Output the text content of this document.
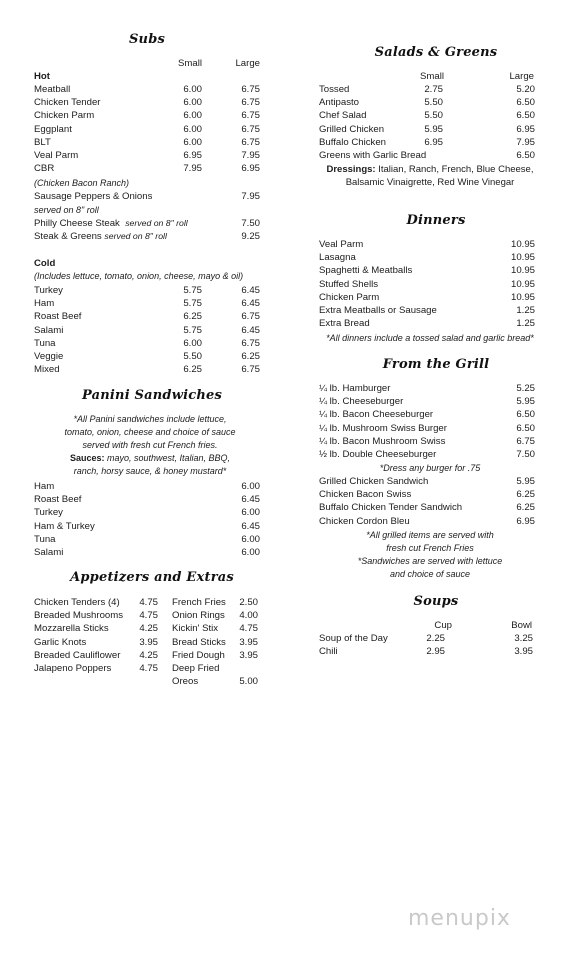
Subs
Small	Large
Hot
Meatball	6.00	6.75
Chicken Tender	6.00	6.75
Chicken Parm	6.00	6.75
Eggplant	6.00	6.75
BLT	6.00	6.75
Veal Parm	6.95	7.95
CBR	7.95	6.95
(Chicken Bacon Ranch)
Sausage Peppers & Onions	7.95
served on 8" roll
Philly Cheese Steak served on 8" roll	7.50
Steak & Greens served on 8" roll	9.25
Cold
(Includes lettuce, tomato, onion, cheese, mayo & oil)
Turkey	5.75	6.45
Ham	5.75	6.45
Roast Beef	6.25	6.75
Salami	5.75	6.45
Tuna	6.00	6.75
Veggie	5.50	6.25
Mixed	6.25	6.75
Panini Sandwiches
*All Panini sandwiches include lettuce,
tomato, onion, cheese and choice of sauce
served with fresh cut French fries.
Sauces: mayo, southwest, Italian, BBQ,
ranch, horsy sauce, & honey mustard*
Ham	6.00
Roast Beef	6.45
Turkey	6.00
Ham & Turkey	6.45
Tuna	6.00
Salami	6.00
Appetizers and Extras
Chicken Tenders (4)	4.75
Breaded Mushrooms	4.75
Mozzarella Sticks	4.25
Garlic Knots	3.95
Breaded Cauliflower	4.25
Jalapeno Poppers	4.75
French Fries	2.50
Onion Rings	4.00
Kickin' Stix	4.75
Bread Sticks	3.95
Fried Dough	3.95
Deep Fried
Oreos	5.00
Salads & Greens
Small	Large
Tossed	2.75	5.20
Antipasto	5.50	6.50
Chef Salad	5.50	6.50
Grilled Chicken	5.95	6.95
Buffalo Chicken	6.95	7.95
Greens with Garlic Bread	6.50
Dressings: Italian, Ranch, French, Blue Cheese,
Balsamic Vinaigrette, Red Wine Vinegar
Dinners
Veal Parm	10.95
Lasagna	10.95
Spaghetti & Meatballs	10.95
Stuffed Shells	10.95
Chicken Parm	10.95
Extra Meatballs or Sausage	1.25
Extra Bread	1.25
*All dinners include a tossed salad and garlic bread*
From the Grill
¼ lb. Hamburger	5.25
¼ lb. Cheeseburger	5.95
¼ lb. Bacon Cheeseburger	6.50
¼ lb. Mushroom Swiss Burger	6.50
¼ lb. Bacon Mushroom Swiss	6.75
½ lb. Double Cheeseburger	7.50
*Dress any burger for .75
Grilled Chicken Sandwich	5.95
Chicken Bacon Swiss	6.25
Buffalo Chicken Tender Sandwich	6.25
Chicken Cordon Bleu	6.95
*All grilled items are served with
fresh cut French Fries
*Sandwiches are served with lettuce
and choice of sauce
Soups
Cup	Bowl
Soup of the Day	2.25	3.25
Chili	2.95	3.95
menupix
